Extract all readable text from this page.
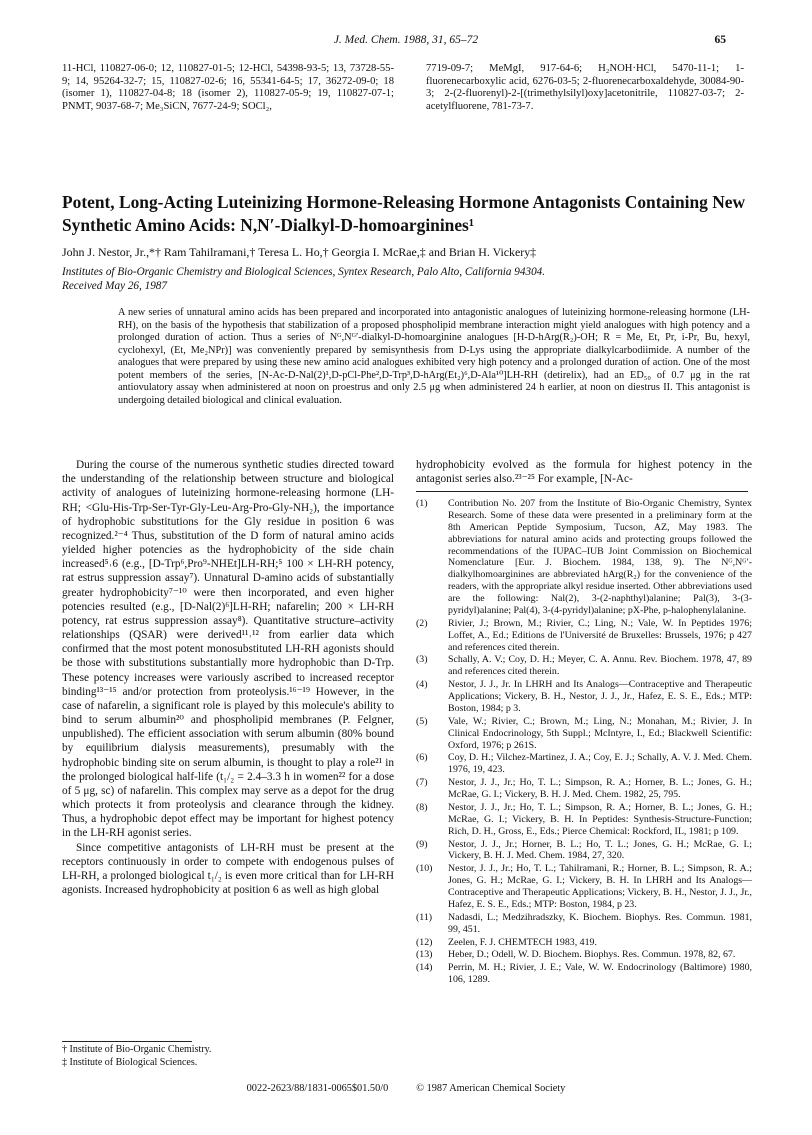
J. Med. Chem. 1988, 31, 65–72	65
11-HCl, 110827-06-0; 12, 110827-01-5; 12-HCl, 54398-93-5; 13, 73728-55-9; 14, 95264-32-7; 15, 110827-02-6; 16, 55341-64-5; 17, 36272-09-0; 18 (isomer 1), 110827-04-8; 18 (isomer 2), 110827-05-9; 19, 110827-07-1; PNMT, 9037-68-7; Me₃SiCN, 7677-24-9; SOCl₂,
7719-09-7; MeMgI, 917-64-6; H₂NOH·HCl, 5470-11-1; 1-fluorenecarboxylic acid, 6276-03-5; 2-fluorenecarboxaldehyde, 30084-90-3; 2-(2-fluorenyl)-2-[(trimethylsilyl)oxy]acetonitrile, 110827-03-7; 2-acetylfluorene, 781-73-7.
Potent, Long-Acting Luteinizing Hormone-Releasing Hormone Antagonists Containing New Synthetic Amino Acids: N,N′-Dialkyl-D-homoarginines¹
John J. Nestor, Jr.,*† Ram Tahilramani,† Teresa L. Ho,† Georgia I. McRae,‡ and Brian H. Vickery‡
Institutes of Bio-Organic Chemistry and Biological Sciences, Syntex Research, Palo Alto, California 94304.
Received May 26, 1987
A new series of unnatural amino acids has been prepared and incorporated into antagonistic analogues of luteinizing hormone-releasing hormone (LH-RH), on the basis of the hypothesis that stabilization of a proposed phospholipid membrane interaction might yield analogues with high potency and a prolonged duration of action. Thus a series of Nᴳ,Nᴳ′-dialkyl-D-homoarginine analogues [H-D-hArg(R₂)-OH; R = Me, Et, Pr, i-Pr, Bu, hexyl, cyclohexyl, (Et, Me₂NPr)] was conveniently prepared by semisynthesis from D-Lys using the appropriate dialkylcarbodiimide. A number of the analogues that were prepared by using these new amino acid analogues exhibited very high potency and a prolonged duration of action. One of the most potent members of the series, [N-Ac-D-Nal(2)¹,D-pCl-Phe²,D-Trp³,D-hArg(Et₂)⁶,D-Ala¹⁰]LH-RH (detirelix), had an ED₅₀ of 0.7 μg in the rat antiovulatory assay when administered at noon on proestrus and only 2.5 μg when administered 24 h earlier, at noon on diestrus II. This antagonist is undergoing detailed biological and clinical evaluation.

During the course of the numerous synthetic studies directed toward the understanding of the relationship between structure and biological activity of analogues of luteinizing hormone-releasing hormone (LH-RH; <Glu-His-Trp-Ser-Tyr-Gly-Leu-Arg-Pro-Gly-NH₂), the importance of hydrophobic substitutions for the Gly residue in position 6 was recognized.²⁻⁴ Thus, substitution of the D form of natural amino acids yielded higher potencies as the hydrophobicity of the side chain increased⁵˒6 (e.g., [D-Trp⁶,Pro⁹-NHEt]LH-RH;⁵ 100 × LH-RH potency, rat estrus suppression assay⁷). Unnatural D-amino acids of substantially greater hydrophobicity⁷⁻¹⁰ were then incorporated, and even higher potencies resulted (e.g., [D-Nal(2)⁶]LH-RH; nafarelin; 200 × LH-RH potency, rat estrus suppression assay⁸). Quantitative structure–activity relationships (QSAR) were derived¹¹˒¹² from earlier data which confirmed that the most potent monosubstituted LH-RH agonists should be those with substitutions substantially more hydrophobic than D-Trp. These potency increases were variously ascribed to increased receptor binding¹³⁻¹⁵ and/or protection from proteolysis.¹⁶⁻¹⁹ However, in the case of nafarelin, a significant role is played by this molecule's ability to bind to serum albumin²⁰ and phospholipid membranes (P. Felgner, unpublished). The efficient association with serum albumin (80% bound by equilibrium dialysis measurements), presumably with the hydrophobic binding site on serum albumin, is thought to play a role²¹ in the prolonged biological half-life (t₁/₂ = 2.4–3.3 h in women²² for a dose of 5 μg, sc) of nafarelin. This complex may serve as a depot for the drug which protects it from proteolysis and clearance through the kidney. Thus, a hydrophobic depot effect may be important for highest potency in the LH-RH agonist series.

Since competitive antagonists of LH-RH must be present at the receptors continuously in order to compete with endogenous pulses of LH-RH, a prolonged biological t₁/₂ is even more critical than for LH-RH agonists. Increased hydrophobicity at position 6 as well as high global

hydrophobicity evolved as the formula for highest potency in the antagonist series also.²³⁻²⁵ For example, [N-Ac-
(1) Contribution No. 207 from the Institute of Bio-Organic Chemistry, Syntex Research. Some of these data were presented in a preliminary form at the 8th American Peptide Symposium, Tucson, AZ, May 1983. The abbreviations for natural amino acids and protecting groups followed the recommendations of the IUPAC–IUB Joint Commission on Biochemical Nomenclature [Eur. J. Biochem. 1984, 138, 9). The Nᴳ,Nᴳ′-dialkylhomoarginines are abbreviated hArg(R₂) for the convenience of the readers, with the appropriate alkyl residue inserted. Other abbreviations used are the following: Nal(2), 3-(2-naphthyl)alanine; Pal(3), 3-(3-pyridyl)alanine; Pal(4), 3-(4-pyridyl)alanine; pX-Phe, p-halophenylalanine.
(2) Rivier, J.; Brown, M.; Rivier, C.; Ling, N.; Vale, W. In Peptides 1976; Loffet, A., Ed.; Editions de l'Université de Bruxelles: Brussels, 1976; p 427 and references cited therein.
(3) Schally, A. V.; Coy, D. H.; Meyer, C. A. Annu. Rev. Biochem. 1978, 47, 89 and references cited therein.
(4) Nestor, J. J., Jr. In LHRH and Its Analogs—Contraceptive and Therapeutic Applications; Vickery, B. H., Nestor, J. J., Jr., Hafez, E. S. E., Eds.; MTP: Boston, 1984; p 3.
(5) Vale, W.; Rivier, C.; Brown, M.; Ling, N.; Monahan, M.; Rivier, J. In Clinical Endocrinology, 5th Suppl.; McIntyre, I., Ed.; Blackwell Scientific: Oxford, 1976; p 261S.
(6) Coy, D. H.; Vilchez-Martinez, J. A.; Coy, E. J.; Schally, A. V. J. Med. Chem. 1976, 19, 423.
(7) Nestor, J. J., Jr.; Ho, T. L.; Simpson, R. A.; Horner, B. L.; Jones, G. H.; McRae, G. I.; Vickery, B. H. J. Med. Chem. 1982, 25, 795.
(8) Nestor, J. J., Jr.; Ho, T. L.; Simpson, R. A.; Horner, B. L.; Jones, G. H.; McRae, G. I.; Vickery, B. H. In Peptides: Synthesis-Structure-Function; Rich, D. H., Gross, E., Eds.; Pierce Chemical: Rockford, IL, 1981; p 109.
(9) Nestor, J. J., Jr.; Horner, B. L.; Ho, T. L.; Jones, G. H.; McRae, G. I.; Vickery, B. H. J. Med. Chem. 1984, 27, 320.
(10) Nestor, J. J., Jr.; Ho, T. L.; Tahilramani, R.; Horner, B. L.; Simpson, R. A.; Jones, G. H.; McRae, G. I.; Vickery, B. H. In LHRH and Its Analogs—Contraceptive and Therapeutic Applications; Vickery, B. H., Nestor, J. J., Jr., Hafez, E. S. E., Eds.; MTP: Boston, 1984, p 23.
(11) Nadasdi, L.; Medzihradszky, K. Biochem. Biophys. Res. Commun. 1981, 99, 451.
(12) Zeelen, F. J. CHEMTECH 1983, 419.
(13) Heber, D.; Odell, W. D. Biochem. Biophys. Res. Commun. 1978, 82, 67.
(14) Perrin, M. H.; Rivier, J. E.; Vale, W. W. Endocrinology (Baltimore) 1980, 106, 1289.
† Institute of Bio-Organic Chemistry.
‡ Institute of Biological Sciences.
0022-2623/88/1831-0065$01.50/0	© 1987 American Chemical Society
